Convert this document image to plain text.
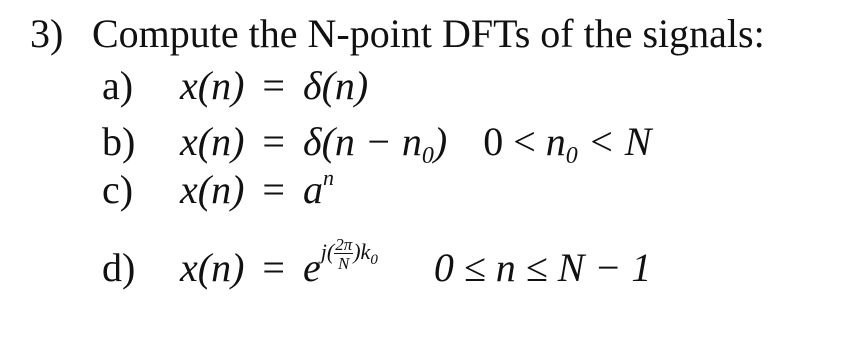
3) Compute the N-point DFTs of the signals:
a) x(n) = δ(n)
b) $x(n) = \delta(n - n_0)$ $0 < n_0 < N$
c) $x(n) = a^n$
d) $x(n) = ej( \frac{2\pi}{N} )k_0$ 0 ≤ n ≤ N − 1
